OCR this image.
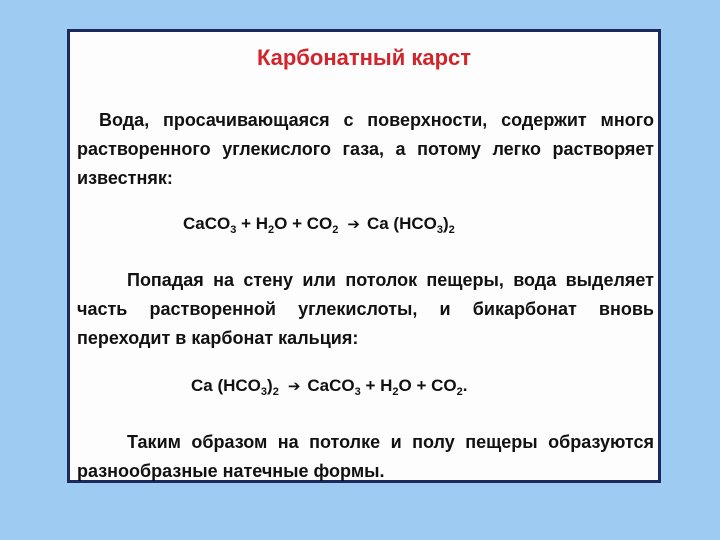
Карбонатный карст
Вода, просачивающаяся с поверхности, содержит много растворенного углекислого газа, а потому легко растворяет известняк:
CaCO$_3$ + $H_2O + CO_2$ ➔ Ca $(HCO_3)_2$
Попадая на стену или потолок пещеры, вода выделяет часть растворенной углекислоты, и бикарбонат вновь переходит в карбонат кальция:
Ca $(HCO_3)_2$ ➔ CaCO$_3$ + $H_2O + CO_2$.
Таким образом на потолке и полу пещеры образуются разнообразные натечные формы.
